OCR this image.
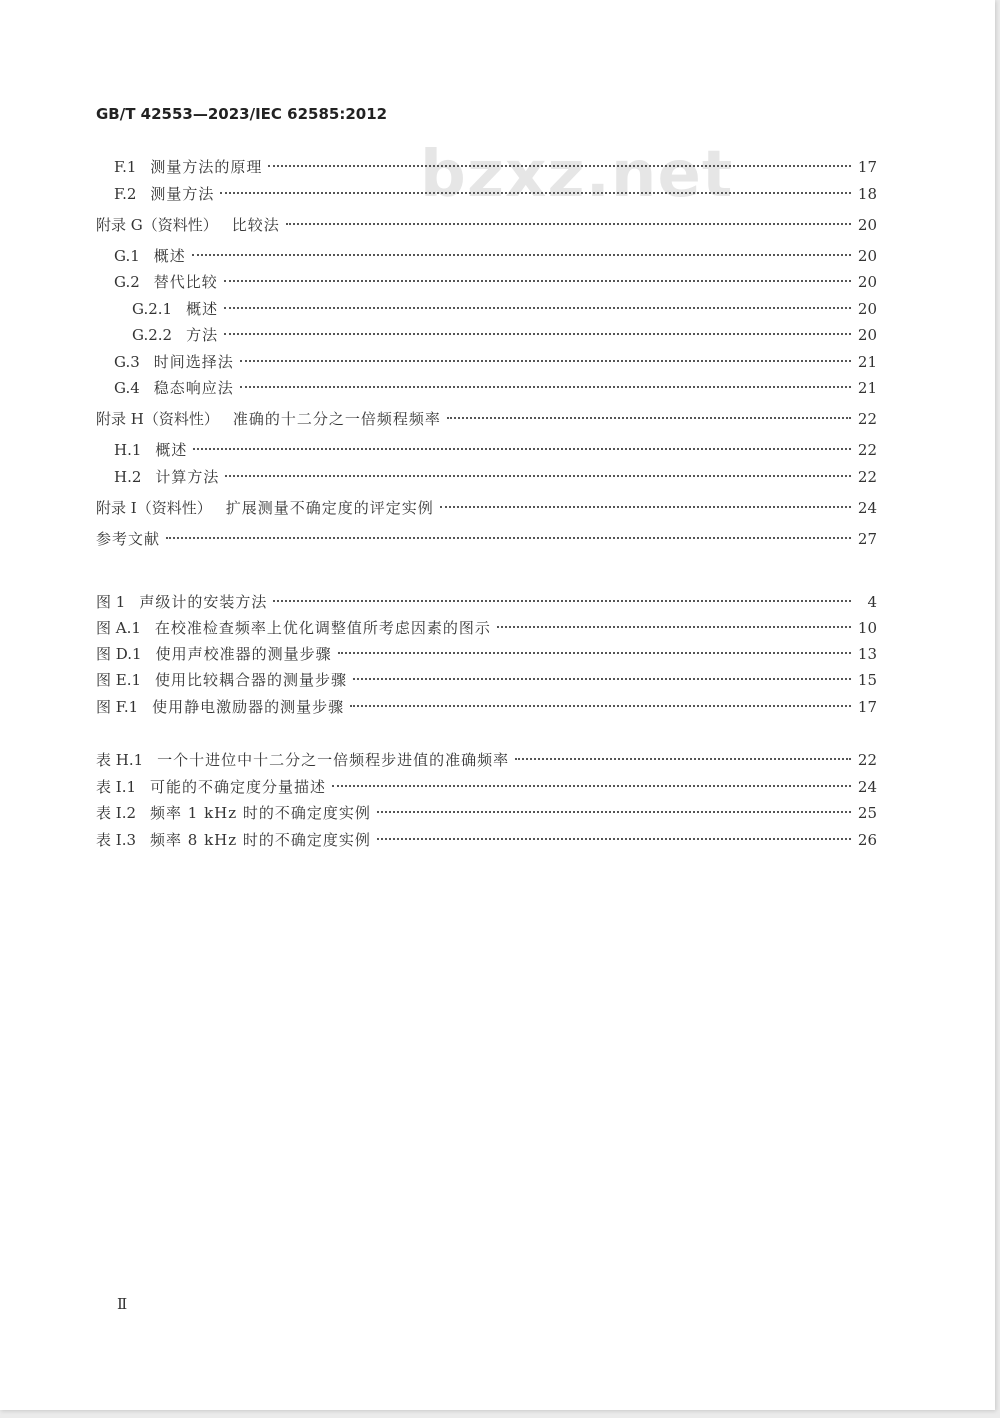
bzxz.net
GB/T 42553—2023/IEC 62585:2012
F.1 测量方法的原理	17
F.2 测量方法	18
附录 G（资料性） 比较法	20
G.1 概述	20
G.2 替代比较	20
G.2.1 概述	20
G.2.2 方法	20
G.3 时间选择法	21
G.4 稳态响应法	21
附录 H（资料性） 准确的十二分之一倍频程频率	22
H.1 概述	22
H.2 计算方法	22
附录 I（资料性） 扩展测量不确定度的评定实例	24
参考文献	27
图 1 声级计的安装方法	4
图 A.1 在校准检查频率上优化调整值所考虑因素的图示	10
图 D.1 使用声校准器的测量步骤	13
图 E.1 使用比较耦合器的测量步骤	15
图 F.1 使用静电激励器的测量步骤	17
表 H.1 一个十进位中十二分之一倍频程步进值的准确频率	22
表 I.1 可能的不确定度分量描述	24
表 I.2 频率 1 kHz 时的不确定度实例	25
表 I.3 频率 8 kHz 时的不确定度实例	26
Ⅱ
